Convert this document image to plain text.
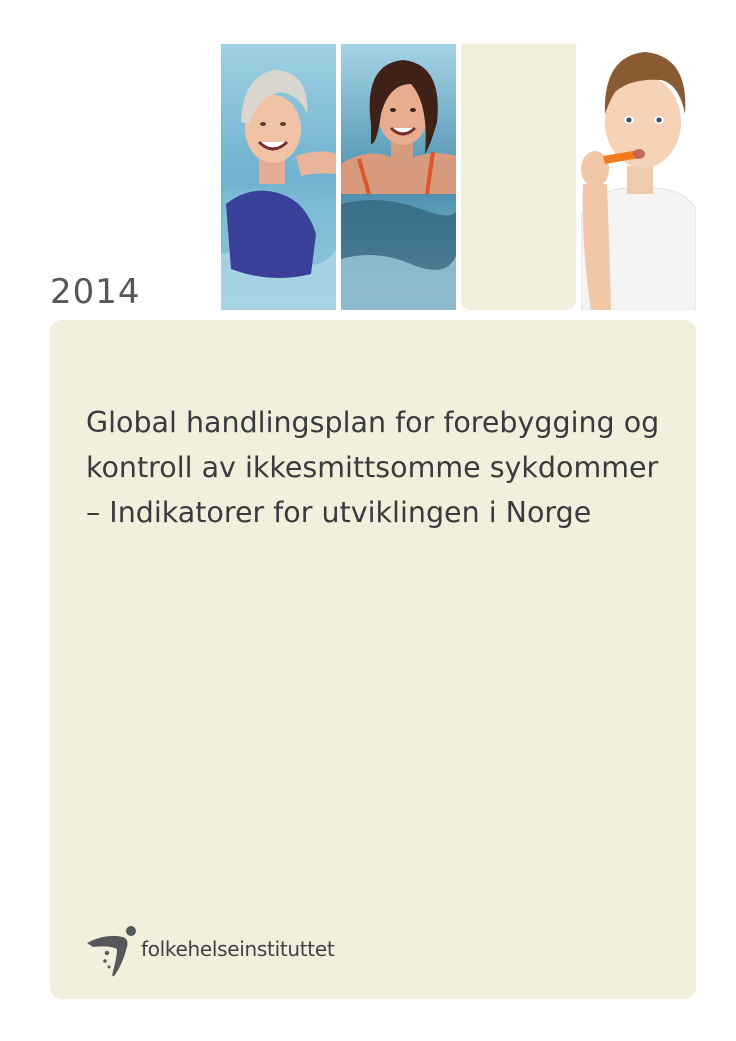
2014
Global handlingsplan for forebygging og
kontroll av ikkesmittsomme sykdommer
– Indikatorer for utviklingen i Norge
folkehelseinstituttet
